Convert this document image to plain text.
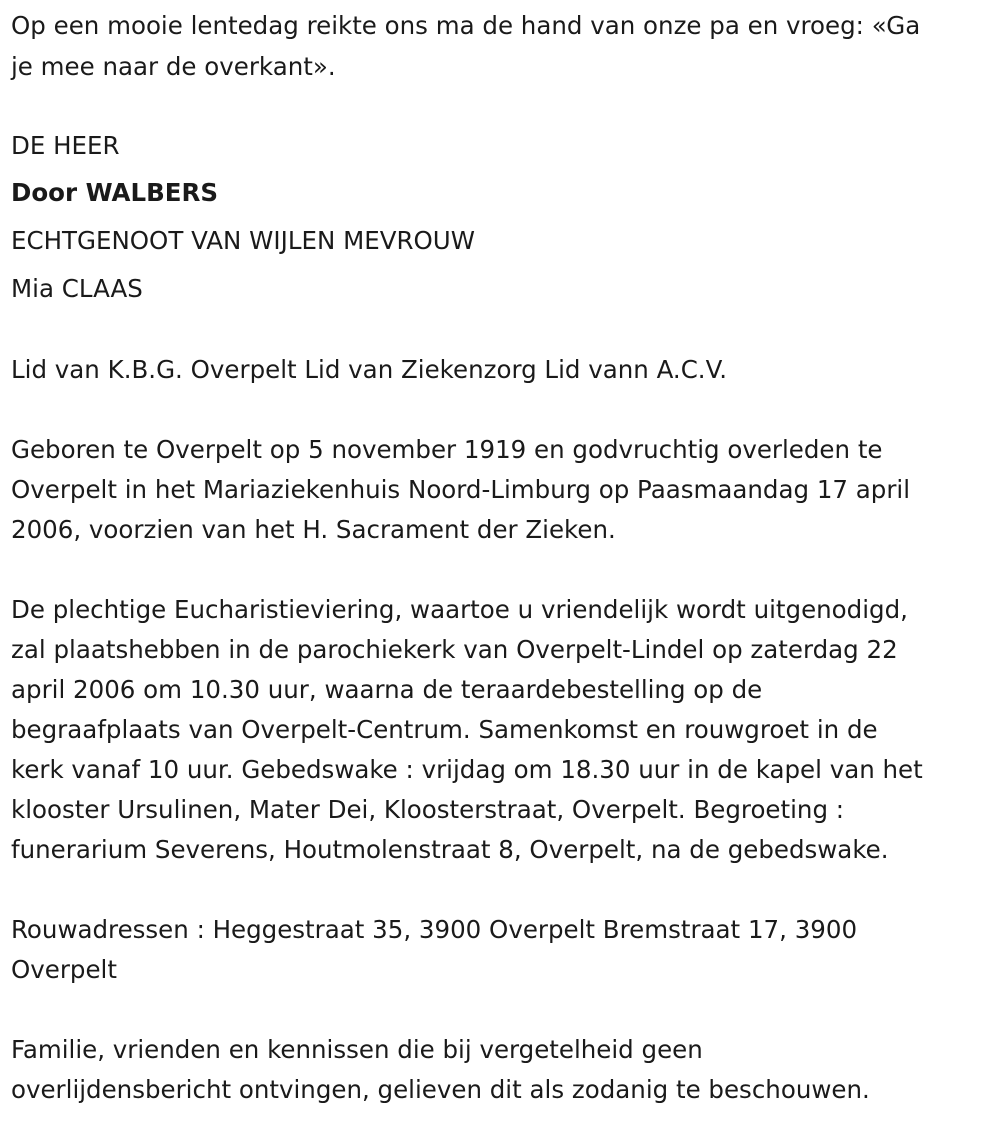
Op een mooie lentedag reikte ons ma de hand van onze pa en vroeg: «Ga
je mee naar de overkant».
DE HEER
Door WALBERS
ECHTGENOOT VAN WIJLEN MEVROUW
Mia CLAAS
Lid van K.B.G. Overpelt Lid van Ziekenzorg Lid vann A.C.V.
Geboren te Overpelt op 5 november 1919 en godvruchtig overleden te
Overpelt in het Mariaziekenhuis Noord-Limburg op Paasmaandag 17 april
2006, voorzien van het H. Sacrament der Zieken.
De plechtige Eucharistieviering, waartoe u vriendelijk wordt uitgenodigd,
zal plaatshebben in de parochiekerk van Overpelt-Lindel op zaterdag 22
april 2006 om 10.30 uur, waarna de teraardebestelling op de
begraafplaats van Overpelt-Centrum. Samenkomst en rouwgroet in de
kerk vanaf 10 uur. Gebedswake : vrijdag om 18.30 uur in de kapel van het
klooster Ursulinen, Mater Dei, Kloosterstraat, Overpelt. Begroeting :
funerarium Severens, Houtmolenstraat 8, Overpelt, na de gebedswake.
Rouwadressen : Heggestraat 35, 3900 Overpelt Bremstraat 17, 3900
Overpelt
Familie, vrienden en kennissen die bij vergetelheid geen
overlijdensbericht ontvingen, gelieven dit als zodanig te beschouwen.
